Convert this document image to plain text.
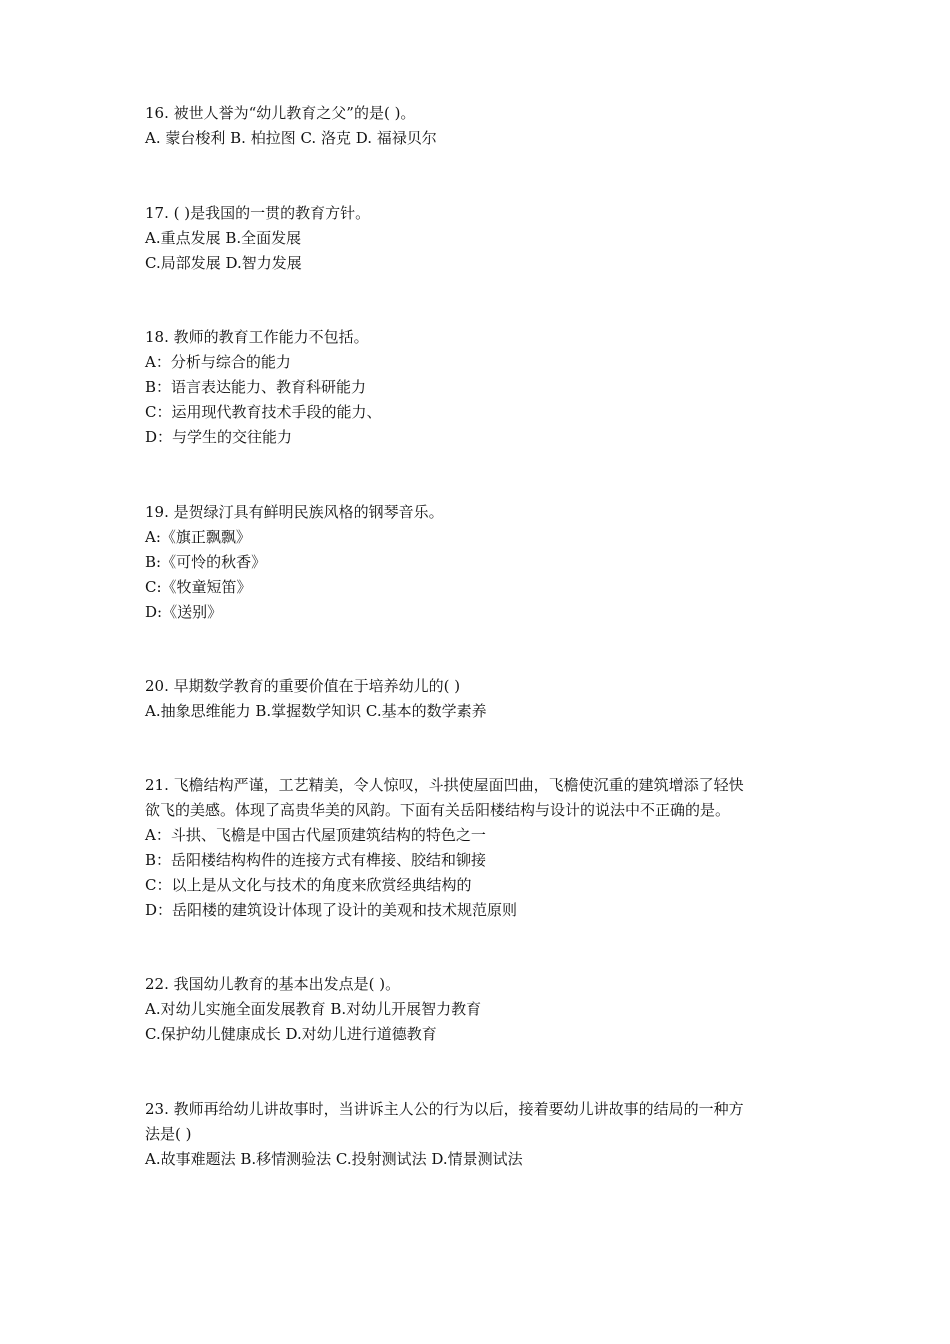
16. 被世人誉为“幼儿教育之父”的是( )。
A. 蒙台梭利 B. 柏拉图 C. 洛克 D. 福禄贝尔
17. ( )是我国的一贯的教育方针。
A.重点发展 B.全面发展
C.局部发展 D.智力发展
18. 教师的教育工作能力不包括。
A：分析与综合的能力
B：语言表达能力、教育科研能力
C：运用现代教育技术手段的能力、
D：与学生的交往能力
19. 是贺绿汀具有鲜明民族风格的钢琴音乐。
A:《旗正飘飘》
B:《可怜的秋香》
C:《牧童短笛》
D:《送别》
20. 早期数学教育的重要价值在于培养幼儿的( )
A.抽象思维能力 B.掌握数学知识 C.基本的数学素养
21. 飞檐结构严谨，工艺精美，令人惊叹，斗拱使屋面凹曲，飞檐使沉重的建筑增添了轻快
欲飞的美感。体现了高贵华美的风韵。下面有关岳阳楼结构与设计的说法中不正确的是。
A：斗拱、飞檐是中国古代屋顶建筑结构的特色之一
B：岳阳楼结构构件的连接方式有榫接、胶结和铆接
C：以上是从文化与技术的角度来欣赏经典结构的
D：岳阳楼的建筑设计体现了设计的美观和技术规范原则
22. 我国幼儿教育的基本出发点是( )。
A.对幼儿实施全面发展教育 B.对幼儿开展智力教育
C.保护幼儿健康成长 D.对幼儿进行道德教育
23. 教师再给幼儿讲故事时，当讲诉主人公的行为以后，接着要幼儿讲故事的结局的一种方
法是( )
A.故事难题法 B.移情测验法 C.投射测试法 D.情景测试法
